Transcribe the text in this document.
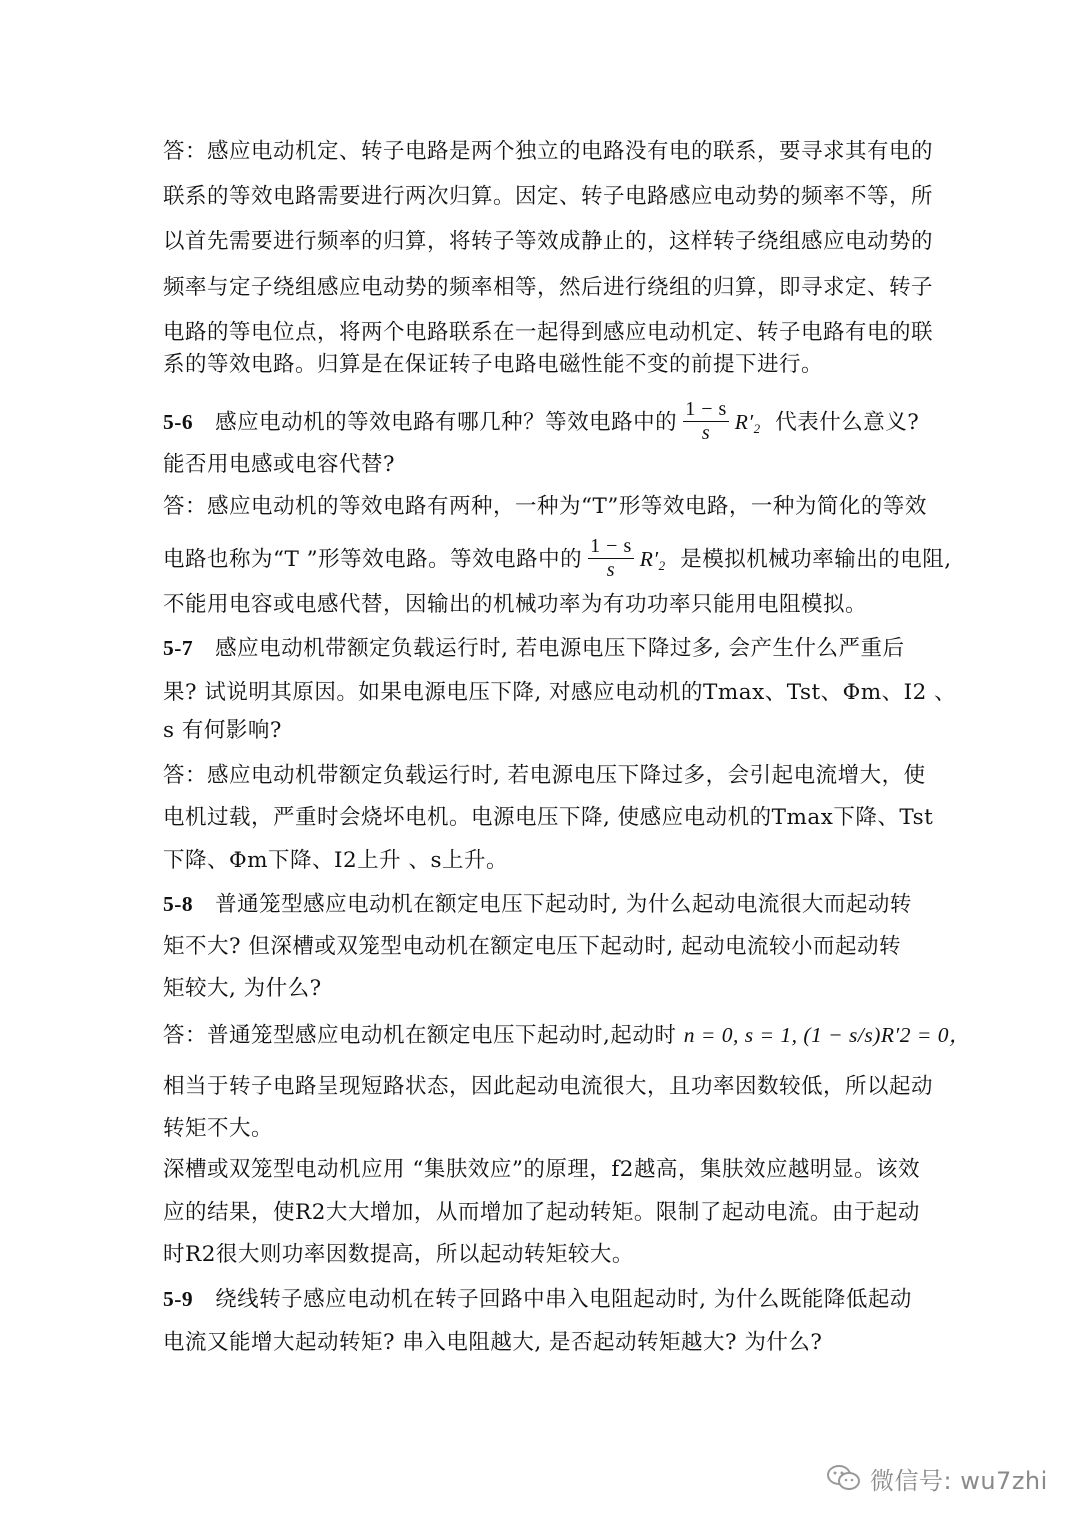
答：感应电动机定、转子电路是两个独立的电路没有电的联系，要寻求其有电的
联系的等效电路需要进行两次归算。因定、转子电路感应电动势的频率不等，所
以首先需要进行频率的归算，将转子等效成静止的，这样转子绕组感应电动势的
频率与定子绕组感应电动势的频率相等，然后进行绕组的归算，即寻求定、转子
电路的等电位点，将两个电路联系在一起得到感应电动机定、转子电路有电的联
系的等效电路。归算是在保证转子电路电磁性能不变的前提下进行。
5-6 感应电动机的等效电路有哪几种？等效电路中的 $\frac{1 - s}{s} R'_2$ 代表什么意义?
能否用电感或电容代替?
答：感应电动机的等效电路有两种，一种为“T”形等效电路，一种为简化的等效
电路也称为“T ”形等效电路。等效电路中的 $\frac{1 - s}{s} R'_2$ 是模拟机械功率输出的电阻,
不能用电容或电感代替，因输出的机械功率为有功功率只能用电阻模拟。
5-7 感应电动机带额定负载运行时, 若电源电压下降过多, 会产生什么严重后
果? 试说明其原因。如果电源电压下降, 对感应电动机的Tmax、Tst、Φm、I2 、
s 有何影响?
答：感应电动机带额定负载运行时, 若电源电压下降过多，会引起电流增大，使
电机过载，严重时会烧坏电机。电源电压下降, 使感应电动机的Tmax下降、Tst
下降、Φm下降、I2上升 、s上升。
5-8 普通笼型感应电动机在额定电压下起动时, 为什么起动电流很大而起动转
矩不大? 但深槽或双笼型电动机在额定电压下起动时, 起动电流较小而起动转
矩较大, 为什么?
答：普通笼型感应电动机在额定电压下起动时,起动时 n = 0, s = 1, (1 − s/s)R′2 = 0，
相当于转子电路呈现短路状态，因此起动电流很大，且功率因数较低，所以起动
转矩不大。
深槽或双笼型电动机应用 “集肤效应”的原理，f2越高，集肤效应越明显。该效
应的结果，使R2大大增加，从而增加了起动转矩。限制了起动电流。由于起动
时R2很大则功率因数提高，所以起动转矩较大。
5-9 绕线转子感应电动机在转子回路中串入电阻起动时, 为什么既能降低起动
电流又能增大起动转矩? 串入电阻越大, 是否起动转矩越大? 为什么?
微信号: wu7zhi
